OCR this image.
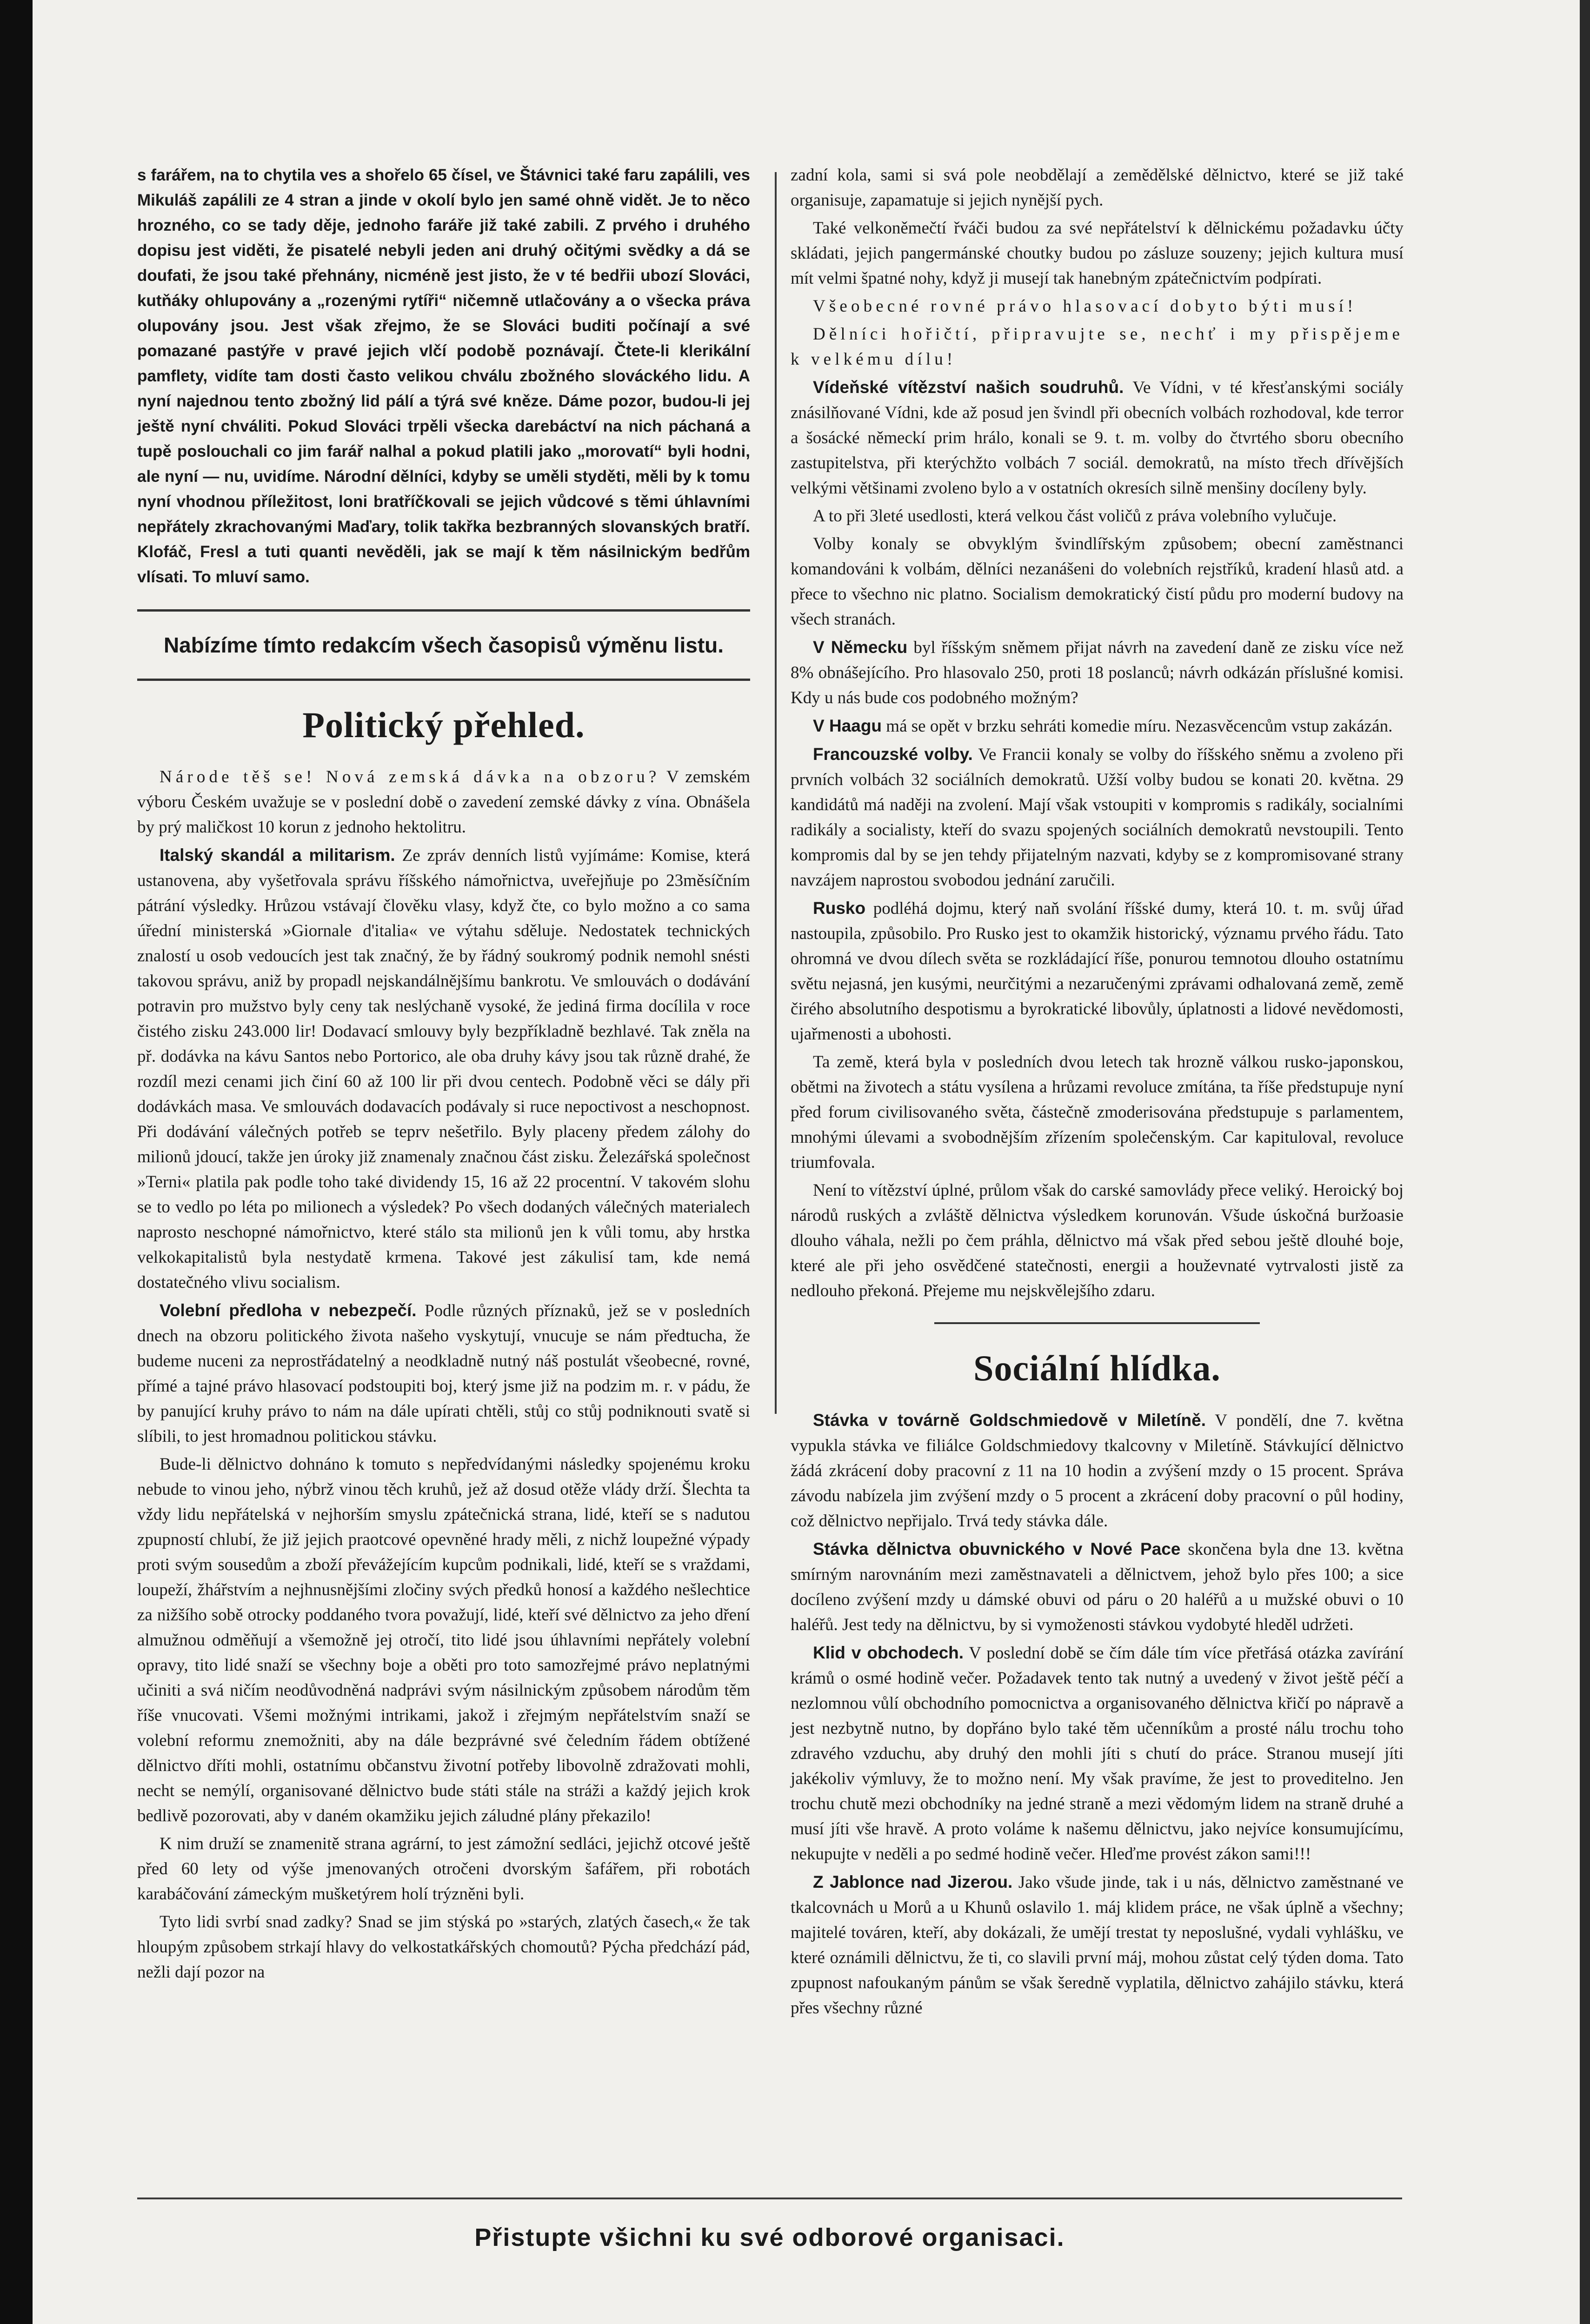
s farářem, na to chytila ves a shořelo 65 čísel, ve Štávnici také faru zapálili, ves Mikuláš zapálili ze 4 stran a jinde v okolí bylo jen samé ohně vidět. Je to něco hrozného, co se tady děje, jednoho faráře již také zabili. Z prvého i druhého dopisu jest viděti, že pisatelé nebyli jeden ani druhý očitými svědky a dá se doufati, že jsou také přehnány, nicméně jest jisto, že v té bedřii ubozí Slováci, kutňáky ohlupovány a „rozenými rytíři“ ničemně utlačovány a o všecka práva olupovány jsou. Jest však zřejmo, že se Slováci buditi počínají a své pomazané pastýře v pravé jejich vlčí podobě poznávají. Čtete-li klerikální pamflety, vidíte tam dosti často velikou chválu zbožného slováckého lidu. A nyní najednou tento zbožný lid pálí a týrá své kněze. Dáme pozor, budou-li jej ještě nyní chváliti. Pokud Slováci trpěli všecka darebáctví na nich páchaná a tupě poslouchali co jim farář nalhal a pokud platili jako „morovatí“ byli hodni, ale nyní — nu, uvidíme. Národní dělníci, kdyby se uměli styděti, měli by k tomu nyní vhodnou příležitost, loni bratříčkovali se jejich vůdcové s těmi úhlavními nepřátely zkrachovanými Maďary, tolik takřka bezbranných slovanských bratří. Klofáč, Fresl a tuti quanti nevěděli, jak se mají k těm násilnickým bedřům vlísati. To mluví samo.

Nabízíme tímto redakcím všech časopisů výměnu listu.
Politický přehled.

Národe těš se! Nová zemská dávka na obzoru? V zemském výboru Českém uvažuje se v poslední době o zavedení zemské dávky z vína. Obnášela by prý maličkost 10 korun z jednoho hektolitru.

Italský skandál a militarism. Ze zpráv denních listů vyjímáme: Komise, která ustanovena, aby vyšetřovala správu říšského námořnictva, uveřejňuje po 23měsíčním pátrání výsledky. Hrůzou vstávají člověku vlasy, když čte, co bylo možno a co sama úřední ministerská »Giornale d'italia« ve výtahu sděluje. Nedostatek technických znalostí u osob vedoucích jest tak značný, že by řádný soukromý podnik nemohl snésti takovou správu, aniž by propadl nejskandálnějšímu bankrotu. Ve smlouvách o dodávání potravin pro mužstvo byly ceny tak neslýchaně vysoké, že jediná firma docílila v roce čistého zisku 243.000 lir! Dodavací smlouvy byly bezpříkladně bezhlavé. Tak zněla na př. dodávka na kávu Santos nebo Portorico, ale oba druhy kávy jsou tak různě drahé, že rozdíl mezi cenami jich činí 60 až 100 lir při dvou centech. Podobně věci se dály při dodávkách masa. Ve smlouvách dodavacích podávaly si ruce nepoctivost a neschopnost. Při dodávání válečných potřeb se teprv nešetřilo. Byly placeny předem zálohy do milionů jdoucí, takže jen úroky již znamenaly značnou část zisku. Železářská společnost »Terni« platila pak podle toho také dividendy 15, 16 až 22 procentní. V takovém slohu se to vedlo po léta po milionech a výsledek? Po všech dodaných válečných materialech naprosto neschopné námořnictvo, které stálo sta milionů jen k vůli tomu, aby hrstka velkokapitalistů byla nestydatě krmena. Takové jest zákulisí tam, kde nemá dostatečného vlivu socialism.

Volební předloha v nebezpečí. Podle různých příznaků, jež se v posledních dnech na obzoru politického života našeho vyskytují, vnucuje se nám předtucha, že budeme nuceni za neprostřádatelný a neodkladně nutný náš postulát všeobecné, rovné, přímé a tajné právo hlasovací podstoupiti boj, který jsme již na podzim m. r. v pádu, že by panující kruhy právo to nám na dále upírati chtěli, stůj co stůj podniknouti svatě si slíbili, to jest hromadnou politickou stávku.

Bude-li dělnictvo dohnáno k tomuto s nepředvídanými následky spojenému kroku nebude to vinou jeho, nýbrž vinou těch kruhů, jež až dosud otěže vlády drží. Šlechta ta vždy lidu nepřátelská v nejhorším smyslu zpátečnická strana, lidé, kteří se s nadutou zpupností chlubí, že již jejich praotcové opevněné hrady měli, z nichž loupežné výpady proti svým sousedům a zboží převážejícím kupcům podnikali, lidé, kteří se s vraždami, loupeží, žhářstvím a nejhnusnějšími zločiny svých předků honosí a každého nešlechtice za nižšího sobě otrocky poddaného tvora považují, lidé, kteří své dělnictvo za jeho dření almužnou odměňují a všemožně jej otročí, tito lidé jsou úhlavními nepřátely volební opravy, tito lidé snaží se všechny boje a oběti pro toto samozřejmé právo neplatnými učiniti a svá ničím neodůvodněná nadprávi svým násilnickým způsobem národům těm říše vnucovati. Všemi možnými intrikami, jakož i zřejmým nepřátelstvím snaží se volební reformu znemožniti, aby na dále bezprávné své čeledním řádem obtížené dělnictvo dříti mohli, ostatnímu občanstvu životní potřeby libovolně zdražovati mohli, necht se nemýlí, organisované dělnictvo bude státi stále na stráži a každý jejich krok bedlivě pozorovati, aby v daném okamžiku jejich záludné plány překazilo!

K nim druží se znamenitě strana agrární, to jest zámožní sedláci, jejichž otcové ještě před 60 lety od výše jmenovaných otročeni dvorským šafářem, při robotách karabáčování zámeckým mušketýrem holí trýzněni byli.

Tyto lidi svrbí snad zadky? Snad se jim stýská po »starých, zlatých časech,« že tak hloupým způsobem strkají hlavy do velkostatkářských chomoutů? Pýcha předchází pád, nežli dají pozor na

zadní kola, sami si svá pole neobdělají a zemědělské dělnictvo, které se již také organisuje, zapamatuje si jejich nynější pych.

Také velkoněmečtí řváči budou za své nepřátelství k dělnickému požadavku účty skládati, jejich pangermánské choutky budou po zásluze souzeny; jejich kultura musí mít velmi špatné nohy, když ji musejí tak hanebným zpátečnictvím podpírati.

Všeobecné rovné právo hlasovací dobyto býti musí!

Dělníci hořičtí, připravujte se, nechť i my přispějeme k velkému dílu!

Vídeňské vítězství našich soudruhů. Ve Vídni, v té křesťanskými sociály znásilňované Vídni, kde až posud jen švindl při obecních volbách rozhodoval, kde terror a šosácké německí prim hrálo, konali se 9. t. m. volby do čtvrtého sboru obecního zastupitelstva, při kterýchžto volbách 7 sociál. demokratů, na místo třech dřívějších velkými většinami zvoleno bylo a v ostatních okresích silně menšiny docíleny byly.

A to při 3leté usedlosti, která velkou část voličů z práva volebního vylučuje.

Volby konaly se obvyklým švindlířským způsobem; obecní zaměstnanci komandováni k volbám, dělníci nezanášeni do volebních rejstříků, kradení hlasů atd. a přece to všechno nic platno. Socialism demokratický čistí půdu pro moderní budovy na všech stranách.

V Německu byl říšským sněmem přijat návrh na zavedení daně ze zisku více než 8% obnášejícího. Pro hlasovalo 250, proti 18 poslanců; návrh odkázán příslušné komisi. Kdy u nás bude cos podobného možným?

V Haagu má se opět v brzku sehráti komedie míru. Nezasvěcencům vstup zakázán.

Francouzské volby. Ve Francii konaly se volby do říšského sněmu a zvoleno při prvních volbách 32 sociálních demokratů. Užší volby budou se konati 20. května. 29 kandidátů má naději na zvolení. Mají však vstoupiti v kompromis s radikály, socialními radikály a socialisty, kteří do svazu spojených sociálních demokratů nevstoupili. Tento kompromis dal by se jen tehdy přijatelným nazvati, kdyby se z kompromisované strany navzájem naprostou svobodou jednání zaručili.

Rusko podléhá dojmu, který naň svolání říšské dumy, která 10. t. m. svůj úřad nastoupila, způsobilo. Pro Rusko jest to okamžik historický, významu prvého řádu. Tato ohromná ve dvou dílech světa se rozkládající říše, ponurou temnotou dlouho ostatnímu světu nejasná, jen kusými, neurčitými a nezaručenými zprávami odhalovaná země, země čirého absolutního despotismu a byrokratické libovůly, úplatnosti a lidové nevědomosti, ujařmenosti a ubohosti.

Ta země, která byla v posledních dvou letech tak hrozně válkou rusko-japonskou, obětmi na životech a státu vysílena a hrůzami revoluce zmítána, ta říše předstupuje nyní před forum civilisovaného světa, částečně zmoderisována předstupuje s parlamentem, mnohými úlevami a svobodnějším zřízením společenským. Car kapituloval, revoluce triumfovala.

Není to vítězství úplné, průlom však do carské samovlády přece veliký. Heroický boj národů ruských a zvláště dělnictva výsledkem korunován. Všude úskočná buržoasie dlouho váhala, nežli po čem práhla, dělnictvo má však před sebou ještě dlouhé boje, které ale při jeho osvědčené statečnosti, energii a houževnaté vytrvalosti jistě za nedlouho překoná. Přejeme mu nejskvělejšího zdaru.

Sociální hlídka.

Stávka v továrně Goldschmiedově v Miletíně. V pondělí, dne 7. května vypukla stávka ve filiálce Goldschmiedovy tkalcovny v Miletíně. Stávkující dělnictvo žádá zkrácení doby pracovní z 11 na 10 hodin a zvýšení mzdy o 15 procent. Správa závodu nabízela jim zvýšení mzdy o 5 procent a zkrácení doby pracovní o půl hodiny, což dělnictvo nepřijalo. Trvá tedy stávka dále.

Stávka dělnictva obuvnického v Nové Pace skončena byla dne 13. května smírným narovnáním mezi zaměstnavateli a dělnictvem, jehož bylo přes 100; a sice docíleno zvýšení mzdy u dámské obuvi od páru o 20 haléřů a u mužské obuvi o 10 haléřů. Jest tedy na dělnictvu, by si vymoženosti stávkou vydobyté hleděl udržeti.

Klid v obchodech. V poslední době se čím dále tím více přetřásá otázka zavírání krámů o osmé hodině večer. Požadavek tento tak nutný a uvedený v život ještě péčí a nezlomnou vůlí obchodního pomocnictva a organisovaného dělnictva křičí po nápravě a jest nezbytně nutno, by dopřáno bylo také těm učenníkům a prosté nálu trochu toho zdravého vzduchu, aby druhý den mohli jíti s chutí do práce. Stranou musejí jíti jakékoliv výmluvy, že to možno není. My však pravíme, že jest to proveditelno. Jen trochu chutě mezi obchodníky na jedné straně a mezi vědomým lidem na straně druhé a musí jíti vše hravě. A proto voláme k našemu dělnictvu, jako nejvíce konsumujícímu, nekupujte v neděli a po sedmé hodině večer. Hleďme provést zákon sami!!!

Z Jablonce nad Jizerou. Jako všude jinde, tak i u nás, dělnictvo zaměstnané ve tkalcovnách u Morů a u Khunů oslavilo 1. máj klidem práce, ne však úplně a všechny; majitelé továren, kteří, aby dokázali, že umějí trestat ty neposlušné, vydali vyhlášku, ve které oznámili dělnictvu, že ti, co slavili první máj, mohou zůstat celý týden doma. Tato zpupnost nafoukaným pánům se však šeredně vyplatila, dělnictvo zahájilo stávku, která přes všechny různé

Přistupte všichni ku své odborové organisaci.
